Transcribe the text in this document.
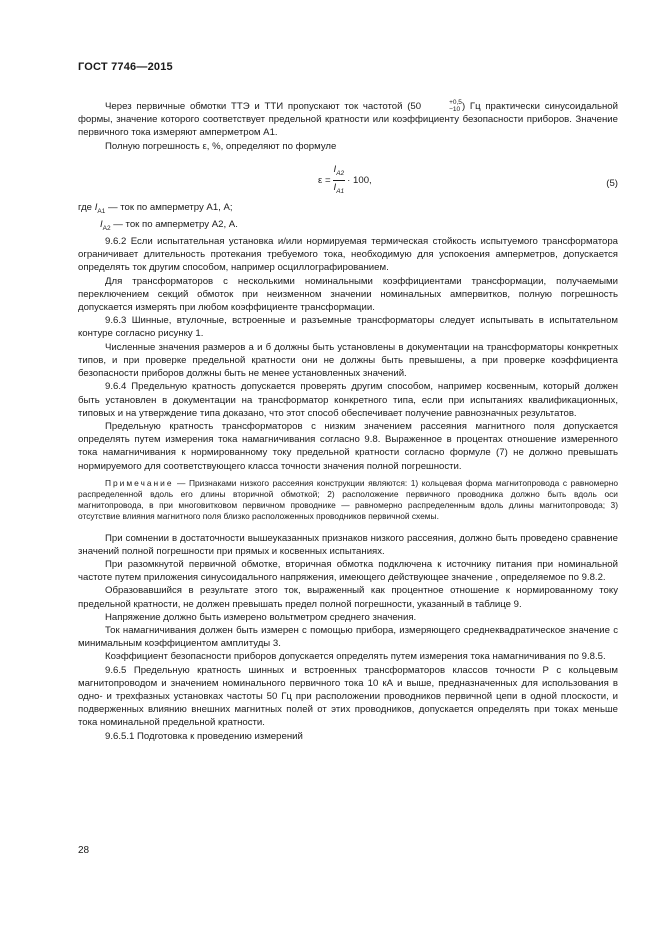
ГОСТ 7746—2015

Через первичные обмотки ТТЭ и ТТИ пропускают ток частотой (50	+0,5
−10 ) Гц практически синусоидальной формы, значение которого соответствует предельной кратности или коэффициенту безопасности приборов. Значение первичного тока измеряют амперметром А1.

Полную погрешность ε, %, определяют по формуле

$\varepsilon = \frac{I_{A2}}{I_{A1}} \cdot 100$,	(5)

где $I_{A1}$ — ток по амперметру А1, А;

$I_{A2}$ — ток по амперметру А2, А.

9.6.2 Если испытательная установка и/или нормируемая термическая стойкость испытуемого трансформатора ограничивает длительность протекания требуемого тока, необходимую для успокоения амперметров, допускается определять ток другим способом, например осциллографированием.

Для трансформаторов с несколькими номинальными коэффициентами трансформации, получаемыми переключением секций обмоток при неизменном значении номинальных ампервитков, полную погрешность допускается измерять при любом коэффициенте трансформации.

9.6.3 Шинные, втулочные, встроенные и разъемные трансформаторы следует испытывать в испытательном контуре согласно рисунку 1.

Численные значения размеров a и б должны быть установлены в документации на трансформаторы конкретных типов, и при проверке предельной кратности они не должны быть превышены, а при проверке коэффициента безопасности приборов должны быть не менее установленных значений.

9.6.4 Предельную кратность допускается проверять другим способом, например косвенным, который должен быть установлен в документации на трансформатор конкретного типа, если при испытаниях квалификационных, типовых и на утверждение типа доказано, что этот способ обеспечивает получение равнозначных результатов.

Предельную кратность трансформаторов с низким значением рассеяния магнитного поля допускается определять путем измерения тока намагничивания согласно 9.8. Выраженное в процентах отношение измеренного тока намагничивания к нормированному току предельной кратности согласно формуле (7) не должно превышать нормируемого для соответствующего класса точности значения полной погрешности.

Примечание — Признаками низкого рассеяния конструкции являются: 1) кольцевая форма магнитопровода с равномерно распределенной вдоль его длины вторичной обмоткой; 2) расположение первичного проводника должно быть вдоль оси магнитопровода, в при многовитковом первичном проводнике — равномерно распределенным вдоль длины магнитопровода; 3) отсутствие влияния магнитного поля близко расположенных проводников первичной схемы.

При сомнении в достаточности вышеуказанных признаков низкого рассеяния, должно быть проведено сравнение значений полной погрешности при прямых и косвенных испытаниях.

При разомкнутой первичной обмотке, вторичная обмотка подключена к источнику питания при номинальной частоте путем приложения синусоидального напряжения, имеющего действующее значение , определяемое по 9.8.2.

Образовавшийся в результате этого ток, выраженный как процентное отношение к нормированному току предельной кратности, не должен превышать предел полной погрешности, указанный в таблице 9.

Напряжение должно быть измерено вольтметром среднего значения.

Ток намагничивания должен быть измерен с помощью прибора, измеряющего среднеквадратическое значение с минимальным коэффициентом амплитуды 3.

Коэффициент безопасности приборов допускается определять путем измерения тока намагничивания по 9.8.5.

9.6.5 Предельную кратность шинных и встроенных трансформаторов классов точности Р с кольцевым магнитопроводом и значением номинального первичного тока 10 кА и выше, предназначенных для использования в одно- и трехфазных установках частоты 50 Гц при расположении проводников первичной цепи в одной плоскости, и подверженных влиянию внешних магнитных полей от этих проводников, допускается определять при токах меньше тока номинальной предельной кратности.

9.6.5.1 Подготовка к проведению измерений

28
